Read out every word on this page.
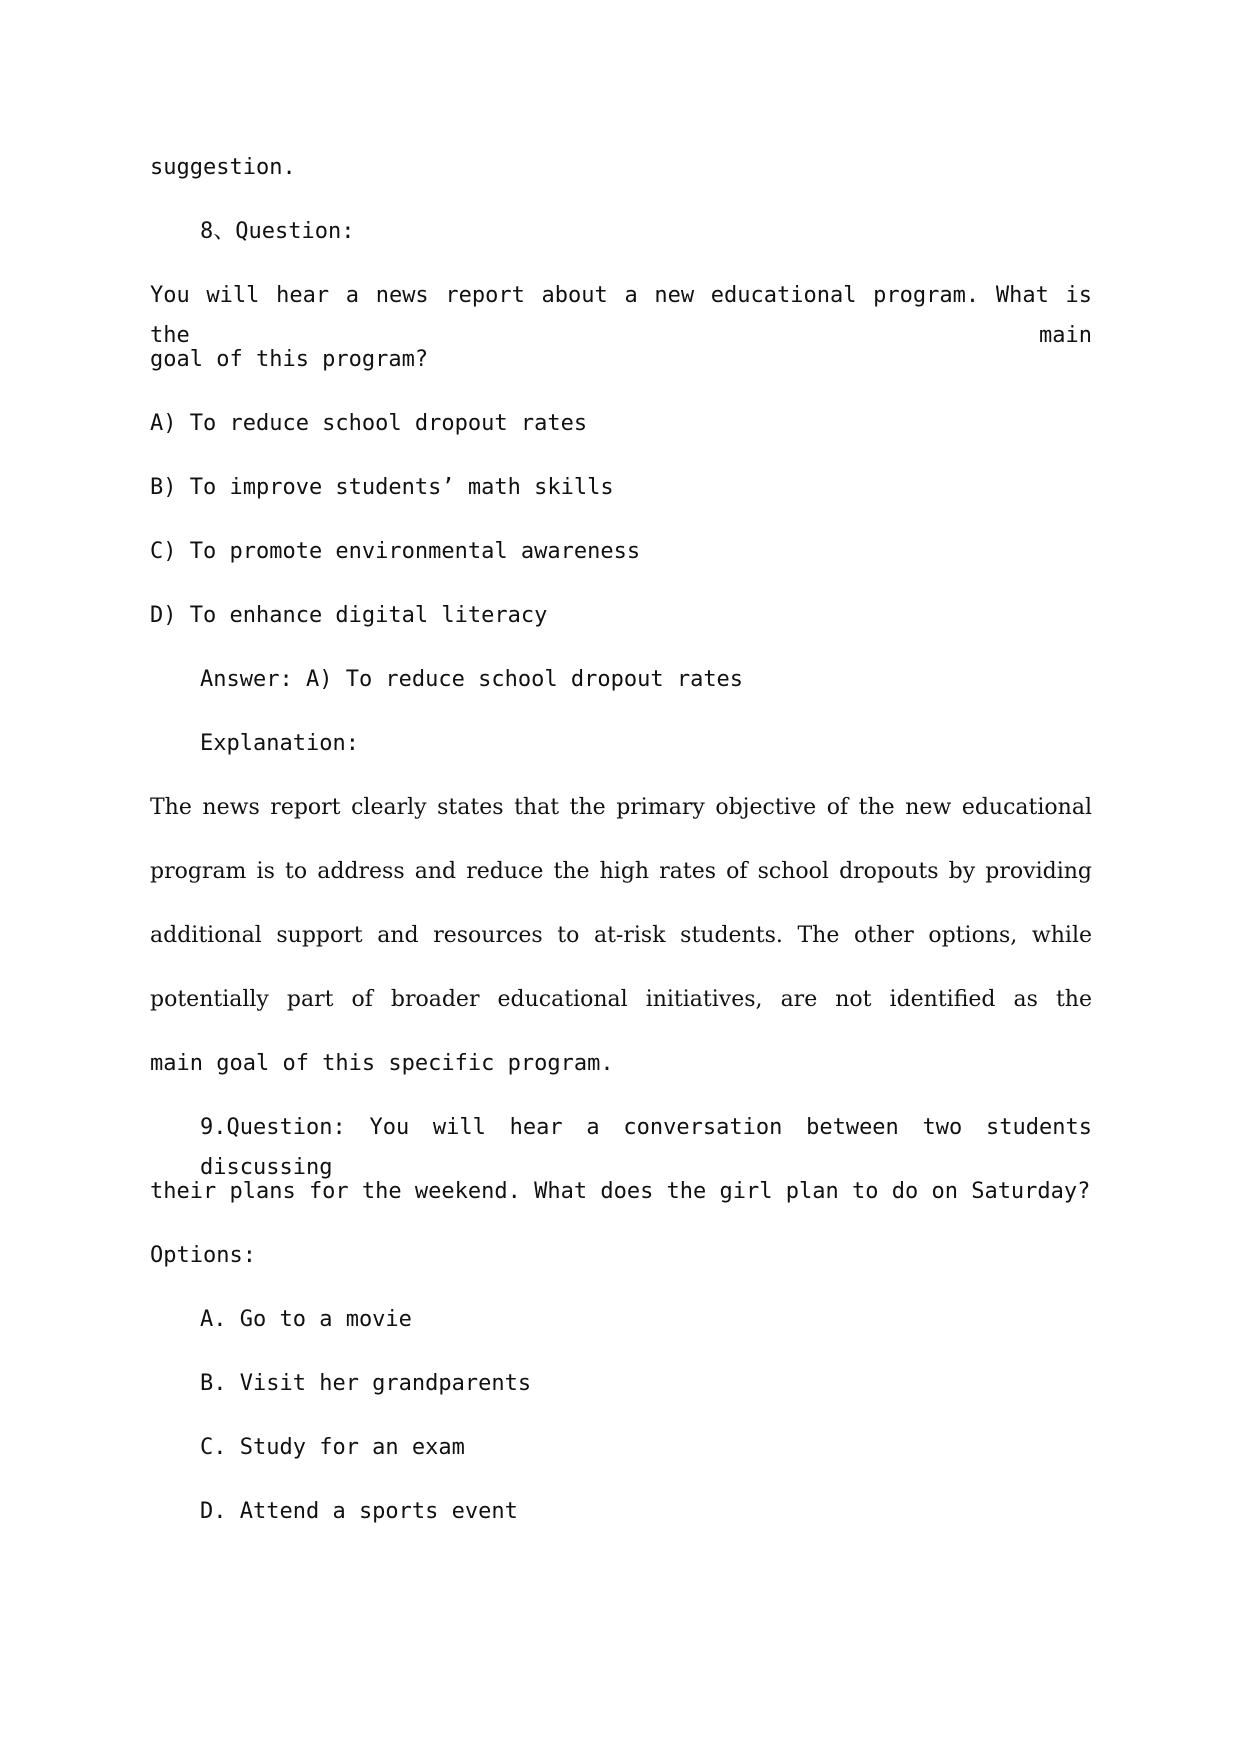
suggestion.
8、Question:
You will hear a news report about a new educational program. What is the main
goal of this program?
A) To reduce school dropout rates
B) To improve students’ math skills
C) To promote environmental awareness
D) To enhance digital literacy
Answer: A) To reduce school dropout rates
Explanation:
The news report clearly states that the primary objective of the new educational
program is to address and reduce the high rates of school dropouts by providing
additional support and resources to at-risk students. The other options, while
potentially part of broader educational initiatives, are not identified as the
main goal of this specific program.
9.Question: You will hear a conversation between two students discussing
their plans for the weekend. What does the girl plan to do on Saturday?
Options:
A. Go to a movie
B. Visit her grandparents
C. Study for an exam
D. Attend a sports event
